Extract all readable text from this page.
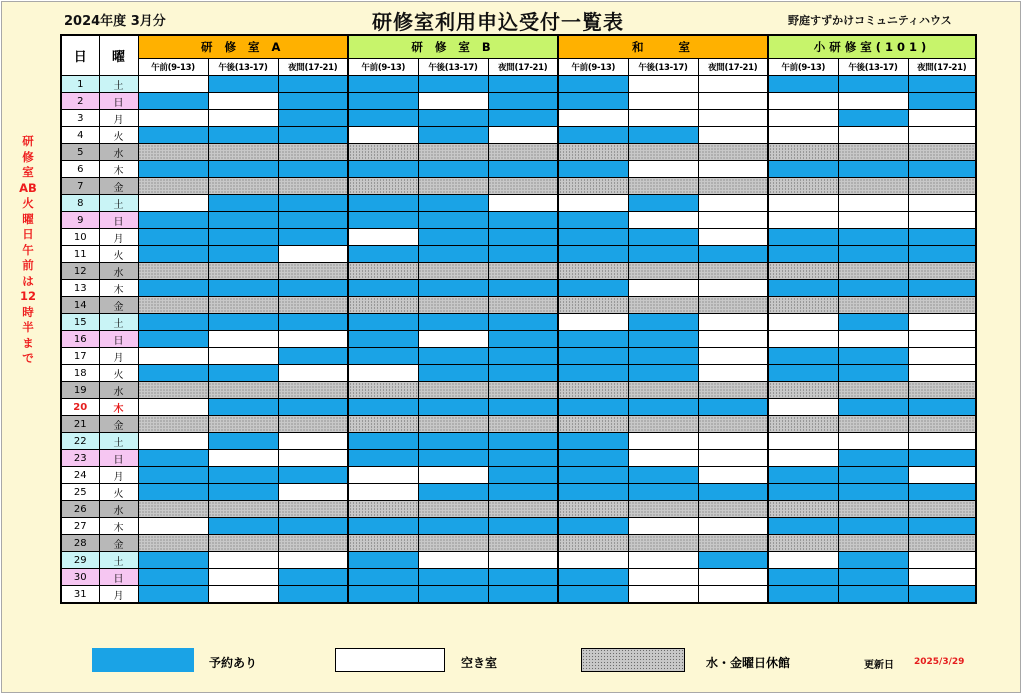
2024年度 3月分	研修室利用申込受付一覧表	野庭すずかけコミュニティハウス
研修室AB火曜日午前は12時半まで
日	曜	研 修 室 A			研 修 室 B			和　　室			小研修室(101)		
		午前(9-13)	午後(13-17)	夜間(17-21)	午前(9-13)	午後(13-17)	夜間(17-21)	午前(9-13)	午後(13-17)	夜間(17-21)	午前(9-13)	午後(13-17)	夜間(17-21)
1	土												
2	日												
3	月												
4	火												
5	水												
6	木												
7	金												
8	土												
9	日												
10	月												
11	火												
12	水												
13	木												
14	金												
15	土												
16	日												
17	月												
18	火												
19	水												
20	木												
21	金												
22	土												
23	日												
24	月												
25	火												
26	水												
27	木												
28	金												
29	土												
30	日												
31	月												
予約あり	空き室	水・金曜日休館	更新日 2025/3/29
